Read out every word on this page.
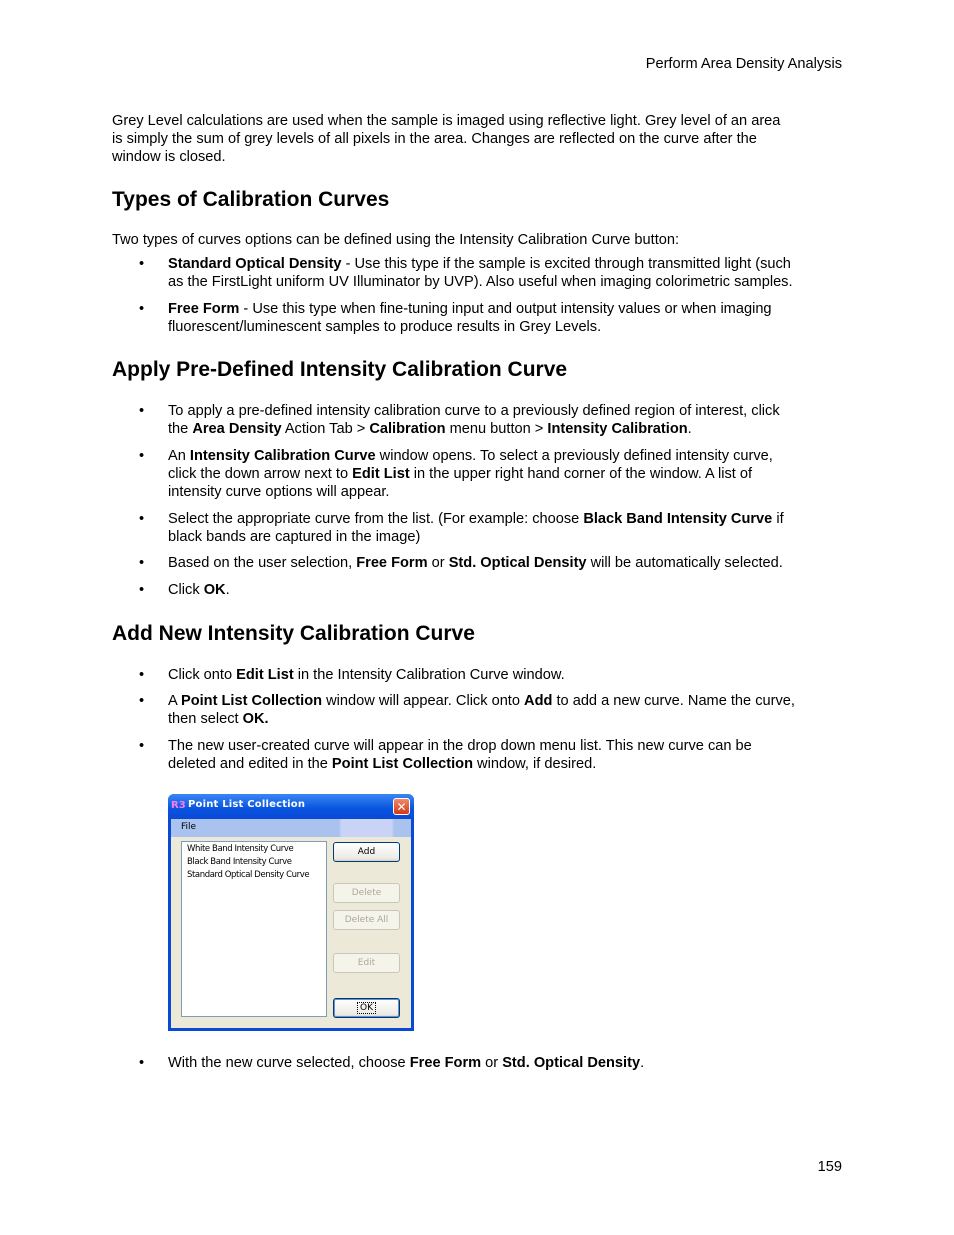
Perform Area Density Analysis
Grey Level calculations are used when the sample is imaged using reflective light. Grey level of an area
is simply the sum of grey levels of all pixels in the area. Changes are reflected on the curve after the
window is closed.
Types of Calibration Curves
Two types of curves options can be defined using the Intensity Calibration Curve button:
•	Standard Optical Density - Use this type if the sample is excited through transmitted light (such
as the FirstLight uniform UV Illuminator by UVP). Also useful when imaging colorimetric samples.
•	Free Form - Use this type when fine-tuning input and output intensity values or when imaging
fluorescent/luminescent samples to produce results in Grey Levels.
Apply Pre-Defined Intensity Calibration Curve
•	To apply a pre-defined intensity calibration curve to a previously defined region of interest, click
the Area Density Action Tab > Calibration menu button > Intensity Calibration.
•	An Intensity Calibration Curve window opens. To select a previously defined intensity curve,
click the down arrow next to Edit List in the upper right hand corner of the window. A list of
intensity curve options will appear.
•	Select the appropriate curve from the list. (For example: choose Black Band Intensity Curve if
black bands are captured in the image)
•	Based on the user selection, Free Form or Std. Optical Density will be automatically selected.
•	Click OK.
Add New Intensity Calibration Curve
•	Click onto Edit List in the Intensity Calibration Curve window.
•	A Point List Collection window will appear. Click onto Add to add a new curve. Name the curve,
then select OK.
•	The new user-created curve will appear in the drop down menu list. This new curve can be
deleted and edited in the Point List Collection window, if desired.
R3 Point List Collection	✕
File
White Band Intensity Curve
Black Band Intensity Curve
Standard Optical Density Curve
Add
Delete
Delete All
Edit
OK
•	With the new curve selected, choose Free Form or Std. Optical Density.
159
